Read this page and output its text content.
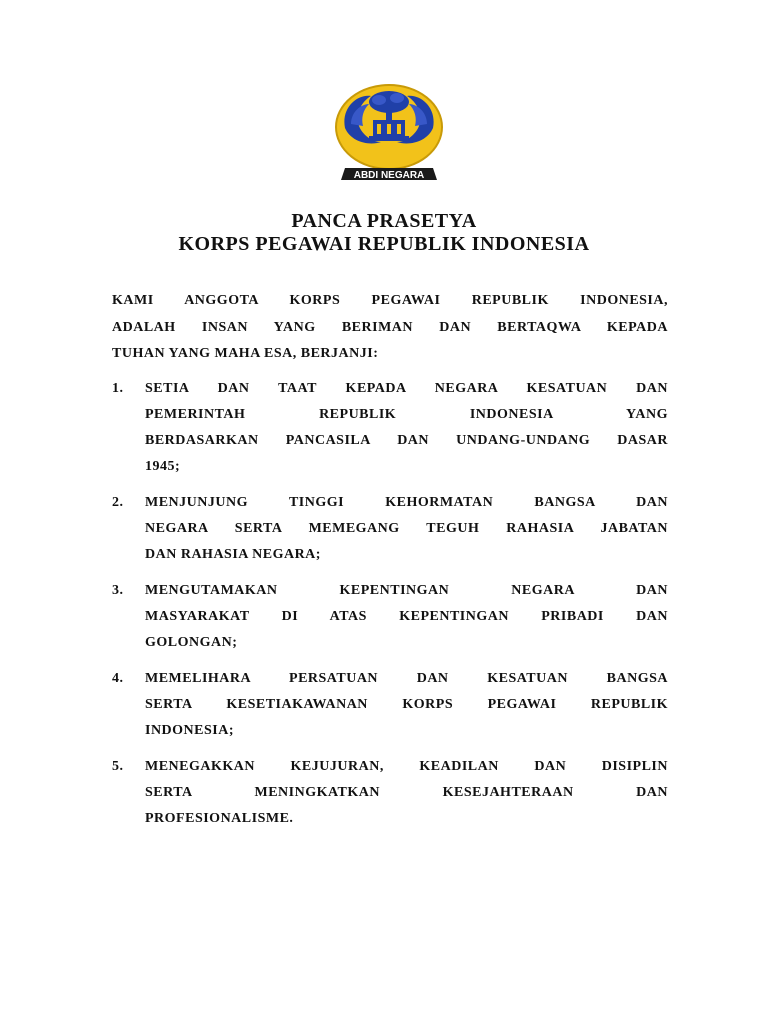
ABDI NEGARA
PANCA PRASETYA
KORPS PEGAWAI REPUBLIK INDONESIA

KAMI ANGGOTA KORPS PEGAWAI REPUBLIK INDONESIA,
ADALAH INSAN YANG BERIMAN DAN BERTAQWA KEPADA
TUHAN YANG MAHA ESA, BERJANJI:

1. SETIA DAN TAAT KEPADA NEGARA KESATUAN DAN
PEMERINTAH REPUBLIK INDONESIA YANG
BERDASARKAN PANCASILA DAN UNDANG-UNDANG DASAR
1945;
2. MENJUNJUNG TINGGI KEHORMATAN BANGSA DAN
NEGARA SERTA MEMEGANG TEGUH RAHASIA JABATAN
DAN RAHASIA NEGARA;
3. MENGUTAMAKAN KEPENTINGAN NEGARA DAN
MASYARAKAT DI ATAS KEPENTINGAN PRIBADI DAN
GOLONGAN;
4. MEMELIHARA PERSATUAN DAN KESATUAN BANGSA
SERTA KESETIAKAWANAN KORPS PEGAWAI REPUBLIK
INDONESIA;
5. MENEGAKKAN KEJUJURAN, KEADILAN DAN DISIPLIN
SERTA MENINGKATKAN KESEJAHTERAAN DAN
PROFESIONALISME.
